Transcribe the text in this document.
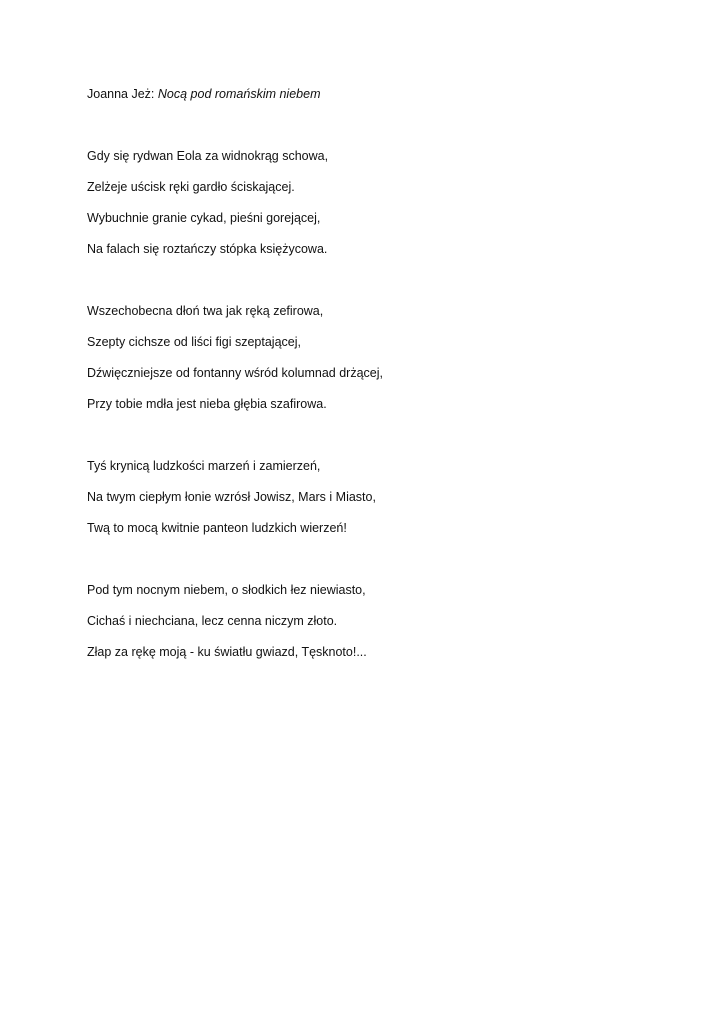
Joanna Jeż: Nocą pod romańskim niebem
Gdy się rydwan Eola za widnokrąg schowa,
Zelżeje uścisk ręki gardło ściskającej.
Wybuchnie granie cykad, pieśni gorejącej,
Na falach się roztańczy stópka księżycowa.
Wszechobecna dłoń twa jak ręką zefirowa,
Szepty cichsze od liści figi szeptającej,
Dźwięczniejsze od fontanny wśród kolumnad drżącej,
Przy tobie mdła jest nieba głębia szafirowa.
Tyś krynicą ludzkości marzeń i zamierzeń,
Na twym ciepłym łonie wzrósł Jowisz, Mars i Miasto,
Twą to mocą kwitnie panteon ludzkich wierzeń!
Pod tym nocnym niebem, o słodkich łez niewiasto,
Cichaś i niechciana, lecz cenna niczym złoto.
Złap za rękę moją - ku światłu gwiazd, Tęsknoto!...
